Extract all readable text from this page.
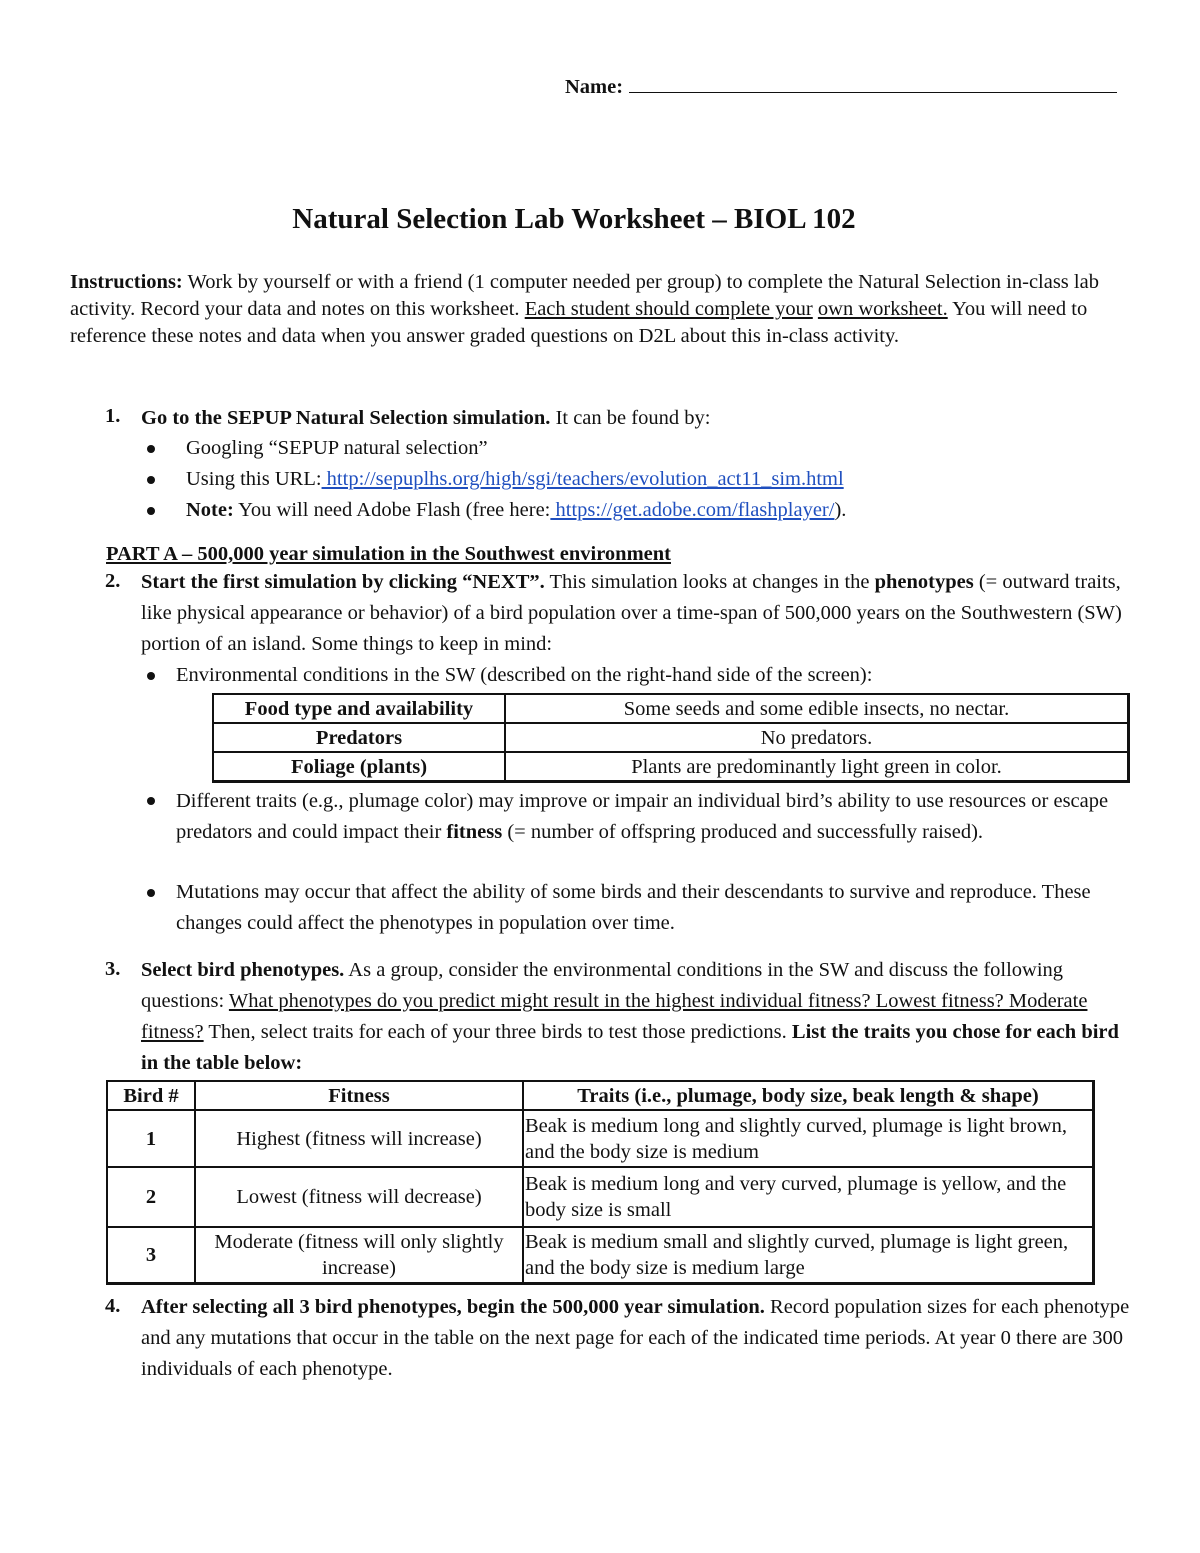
Name:
Natural Selection Lab Worksheet – BIOL 102
Instructions: Work by yourself or with a friend (1 computer needed per group) to complete the Natural Selection in-class lab activity. Record your data and notes on this worksheet. Each student should complete your own worksheet. You will need to reference these notes and data when you answer graded questions on D2L about this in-class activity.
1. Go to the SEPUP Natural Selection simulation. It can be found by:
Googling “SEPUP natural selection”
Using this URL: http://sepuplhs.org/high/sgi/teachers/evolution_act11_sim.html
Note: You will need Adobe Flash (free here: https://get.adobe.com/flashplayer/).
PART A – 500,000 year simulation in the Southwest environment
2. Start the first simulation by clicking “NEXT”. This simulation looks at changes in the phenotypes (= outward traits, like physical appearance or behavior) of a bird population over a time-span of 500,000 years on the Southwestern (SW) portion of an island. Some things to keep in mind:
Environmental conditions in the SW (described on the right-hand side of the screen):
Food type and availability	Some seeds and some edible insects, no nectar.
Predators	No predators.
Foliage (plants)	Plants are predominantly light green in color.
Different traits (e.g., plumage color) may improve or impair an individual bird’s ability to use resources or escape predators and could impact their fitness (= number of offspring produced and successfully raised).
Mutations may occur that affect the ability of some birds and their descendants to survive and reproduce. These changes could affect the phenotypes in population over time.
3. Select bird phenotypes. As a group, consider the environmental conditions in the SW and discuss the following questions: What phenotypes do you predict might result in the highest individual fitness? Lowest fitness? Moderate fitness? Then, select traits for each of your three birds to test those predictions. List the traits you chose for each bird in the table below:
Bird #	Fitness	Traits (i.e., plumage, body size, beak length & shape)
1	Highest (fitness will increase)	Beak is medium long and slightly curved, plumage is light brown, and the body size is medium
2	Lowest (fitness will decrease)	Beak is medium long and very curved, plumage is yellow, and the body size is small
3	Moderate (fitness will only slightly increase)	Beak is medium small and slightly curved, plumage is light green, and the body size is medium large
4. After selecting all 3 bird phenotypes, begin the 500,000 year simulation. Record population sizes for each phenotype and any mutations that occur in the table on the next page for each of the indicated time periods. At year 0 there are 300 individuals of each phenotype.
